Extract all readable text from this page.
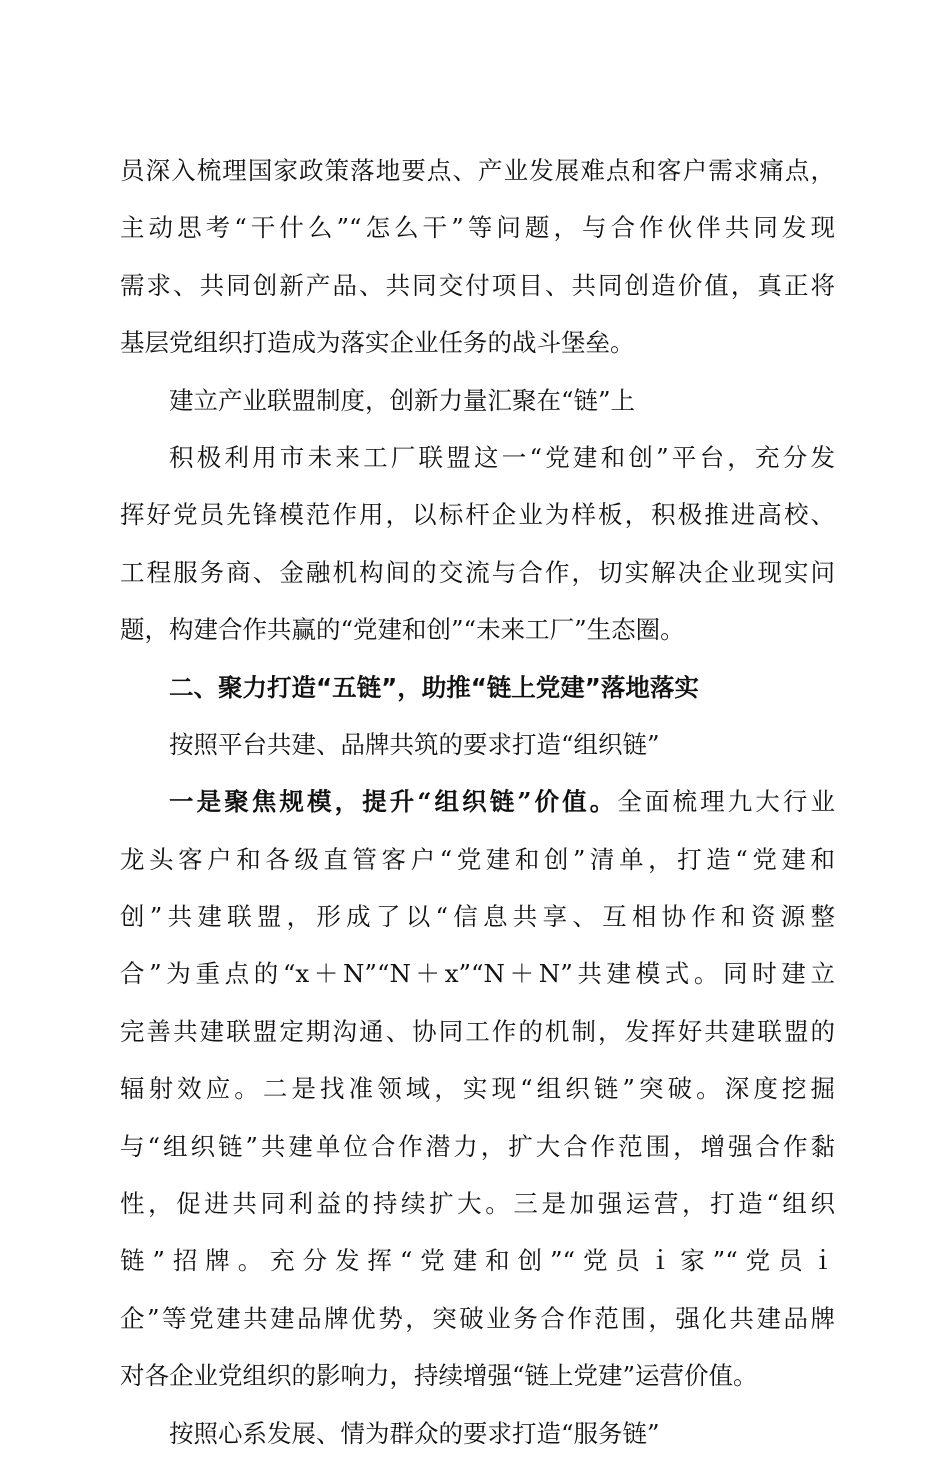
员深入梳理国家政策落地要点、产业发展难点和客户需求痛点，
主动思考“干什么”“怎么干”等问题，与合作伙伴共同发现
需求、共同创新产品、共同交付项目、共同创造价值，真正将
基层党组织打造成为落实企业任务的战斗堡垒。
建立产业联盟制度，创新力量汇聚在“链”上
积极利用市未来工厂联盟这一“党建和创”平台，充分发
挥好党员先锋模范作用，以标杆企业为样板，积极推进高校、
工程服务商、金融机构间的交流与合作，切实解决企业现实问
题，构建合作共赢的“党建和创”“未来工厂”生态圈。
二、聚力打造“五链”，助推“链上党建”落地落实
按照平台共建、品牌共筑的要求打造“组织链”
一是聚焦规模，提升“组织链”价值。全面梳理九大行业
龙头客户和各级直管客户“党建和创”清单，打造“党建和
创”共建联盟，形成了以“信息共享、互相协作和资源整
合”为重点的“x＋N”“N＋x”“N＋N”共建模式。同时建立
完善共建联盟定期沟通、协同工作的机制，发挥好共建联盟的
辐射效应。二是找准领域，实现“组织链”突破。深度挖掘
与“组织链”共建单位合作潜力，扩大合作范围，增强合作黏
性，促进共同利益的持续扩大。三是加强运营，打造“组织
链”招牌。充分发挥“党建和创”“党员ｉ家”“党员ｉ
企”等党建共建品牌优势，突破业务合作范围，强化共建品牌
对各企业党组织的影响力，持续增强“链上党建”运营价值。
按照心系发展、情为群众的要求打造“服务链”
